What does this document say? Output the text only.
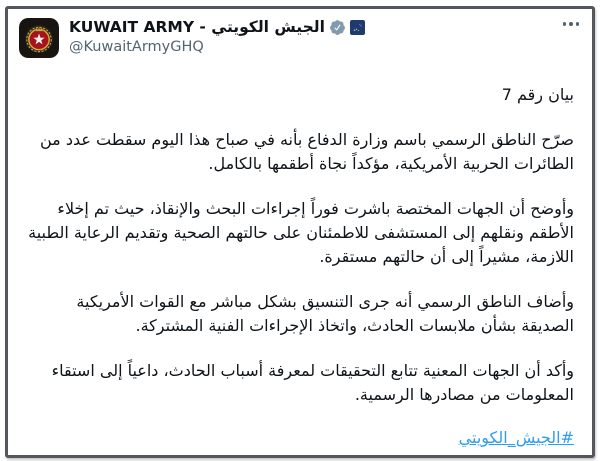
KUWAIT ARMY - الجيش الكويتي
@KuwaitArmyGHQ

بيان رقم 7

صرّح الناطق الرسمي باسم وزارة الدفاع بأنه في صباح هذا اليوم سقطت عدد من الطائرات الحربية الأمريكية، مؤكداً نجاة أطقمها بالكامل.

وأوضح أن الجهات المختصة باشرت فوراً إجراءات البحث والإنقاذ، حيث تم إخلاء الأطقم ونقلهم إلى المستشفى للاطمئنان على حالتهم الصحية وتقديم الرعاية الطبية اللازمة، مشيراً إلى أن حالتهم مستقرة.

وأضاف الناطق الرسمي أنه جرى التنسيق بشكل مباشر مع القوات الأمريكية الصديقة بشأن ملابسات الحادث، واتخاذ الإجراءات الفنية المشتركة.

وأكد أن الجهات المعنية تتابع التحقيقات لمعرفة أسباب الحادث، داعياً إلى استقاء المعلومات من مصادرها الرسمية.

#الجيش_الكويتي
